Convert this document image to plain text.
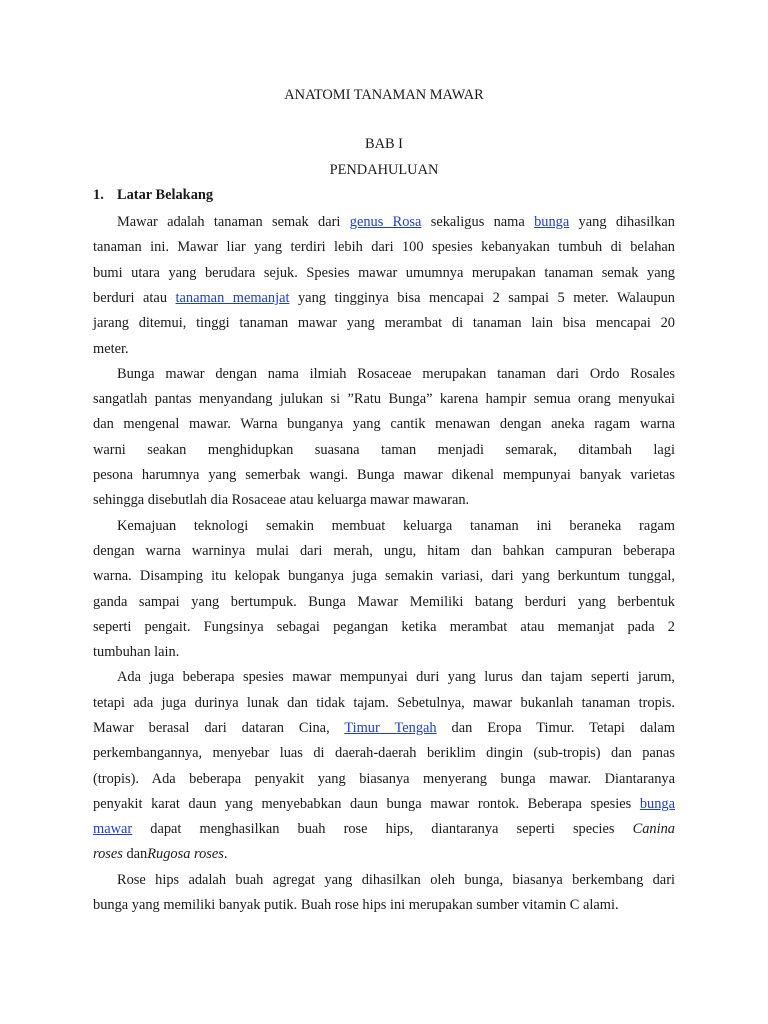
ANATOMI TANAMAN MAWAR
BAB I
PENDAHULUAN
1. Latar Belakang
Mawar adalah tanaman semak dari genus Rosa sekaligus nama bunga yang dihasilkan
tanaman ini. Mawar liar yang terdiri lebih dari 100 spesies kebanyakan tumbuh di belahan
bumi utara yang berudara sejuk. Spesies mawar umumnya merupakan tanaman semak yang
berduri atau tanaman memanjat yang tingginya bisa mencapai 2 sampai 5 meter. Walaupun
jarang ditemui, tinggi tanaman mawar yang merambat di tanaman lain bisa mencapai 20
meter.
Bunga mawar dengan nama ilmiah Rosaceae merupakan tanaman dari Ordo Rosales
sangatlah pantas menyandang julukan si ”Ratu Bunga” karena hampir semua orang menyukai
dan mengenal mawar. Warna bunganya yang cantik menawan dengan aneka ragam warna
warni seakan menghidupkan suasana taman menjadi semarak, ditambah lagi
pesona harumnya yang semerbak wangi. Bunga mawar dikenal mempunyai banyak varietas
sehingga disebutlah dia Rosaceae atau keluarga mawar mawaran.
Kemajuan teknologi semakin membuat keluarga tanaman ini beraneka ragam
dengan warna warninya mulai dari merah, ungu, hitam dan bahkan campuran beberapa
warna. Disamping itu kelopak bunganya juga semakin variasi, dari yang berkuntum tunggal,
ganda sampai yang bertumpuk. Bunga Mawar Memiliki batang berduri yang berbentuk
seperti pengait. Fungsinya sebagai pegangan ketika merambat atau memanjat pada 2
tumbuhan lain.
Ada juga beberapa spesies mawar mempunyai duri yang lurus dan tajam seperti jarum,
tetapi ada juga durinya lunak dan tidak tajam. Sebetulnya, mawar bukanlah tanaman tropis.
Mawar berasal dari dataran Cina, Timur Tengah dan Eropa Timur. Tetapi dalam
perkembangannya, menyebar luas di daerah-daerah beriklim dingin (sub-tropis) dan panas
(tropis). Ada beberapa penyakit yang biasanya menyerang bunga mawar. Diantaranya
penyakit karat daun yang menyebabkan daun bunga mawar rontok. Beberapa spesies bunga
mawar dapat menghasilkan buah rose hips, diantaranya seperti species Canina
roses danRugosa roses.
Rose hips adalah buah agregat yang dihasilkan oleh bunga, biasanya berkembang dari
bunga yang memiliki banyak putik. Buah rose hips ini merupakan sumber vitamin C alami.
